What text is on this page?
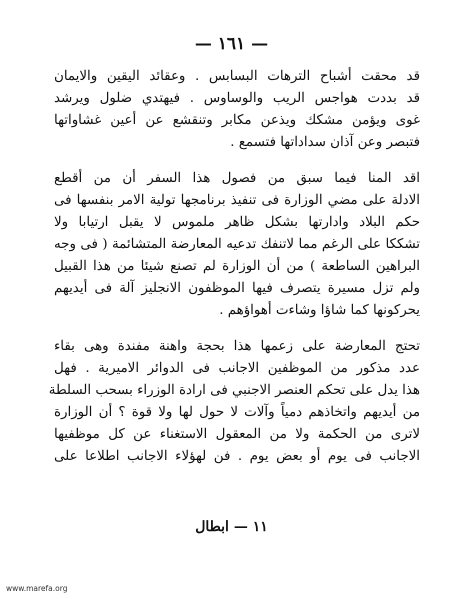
— ١٦١ —
قد محقت أشباح الترهات البسابس . وعقائد اليقين والايمان
قد بددت هواجس الريب والوساوس . فيهتدي ضلول ويرشد
غوى ويؤمن مشكك ويذعن مكابر وتنقشع عن أعين غشاواتها
فتبصر وعن آذان سداداتها فتسمع .
اقد المنا فيما سبق من فصول هذا السفر أن من أقطع
الادلة على مضي الوزارة فى تنفيذ برنامجها تولية الامر بنفسها فى
حكم البلاد وادارتها بشكل ظاهر ملموس لا يقبل ارتيابا ولا
تشككا على الرغم مما لاتنفك تدعيه المعارضة المتشائمة ( فى وجه
البراهين الساطعة ) من أن الوزارة لم تصنع شيئا من هذا القبيل
ولم تزل مسيرة يتصرف فيها الموظفون الانجليز آلة فى أيديهم
يحركونها كما شاؤا وشاءت أهواؤهم .
تحتج المعارضة على زعمها هذا بحجة واهنة مفندة وهى بقاء
عدد مذكور من الموظفين الاجانب فى الدوائر الاميرية . فهل
هذا يدل على تحكم العنصر الاجنبي فى ارادة الوزراء بسحب السلطة
من أيديهم واتخاذهم دمياً وآلات لا حول لها ولا قوة ؟ أن الوزارة
لاترى من الحكمة ولا من المعقول الاستغناء عن كل موظفيها
الاجانب فى يوم أو بعض يوم . فن لهؤلاء الاجانب اطلاعا على
١١ — ابطال
www.marefa.org
